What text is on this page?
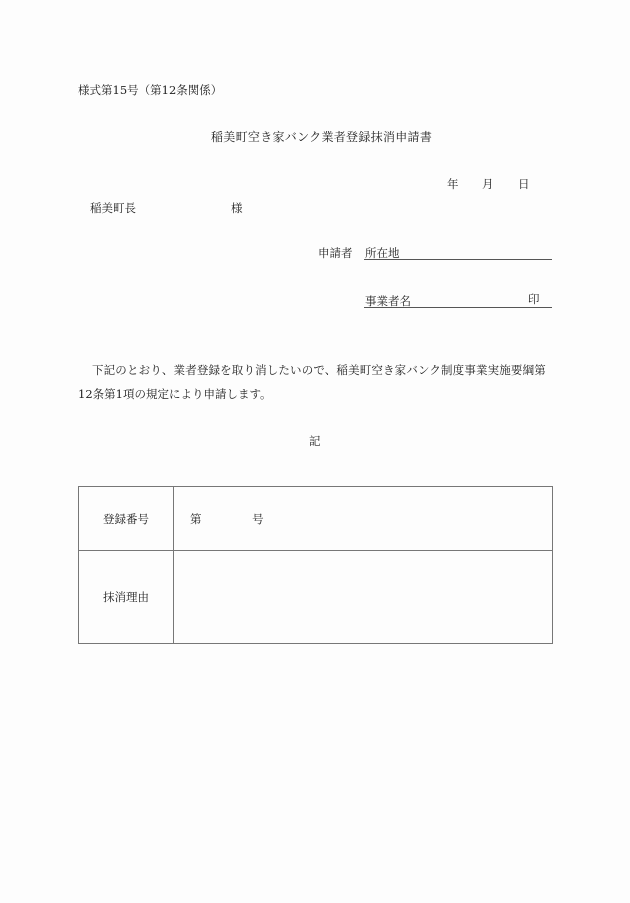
様式第15号（第12条関係）
稲美町空き家バンク業者登録抹消申請書
年 月 日
稲美町長	様
申請者 所在地
事業者名	印
下記のとおり、業者登録を取り消したいので、稲美町空き家バンク制度事業実施要綱第
12条第1項の規定により申請します。
記
登録番号	第 号
抹消理由	
